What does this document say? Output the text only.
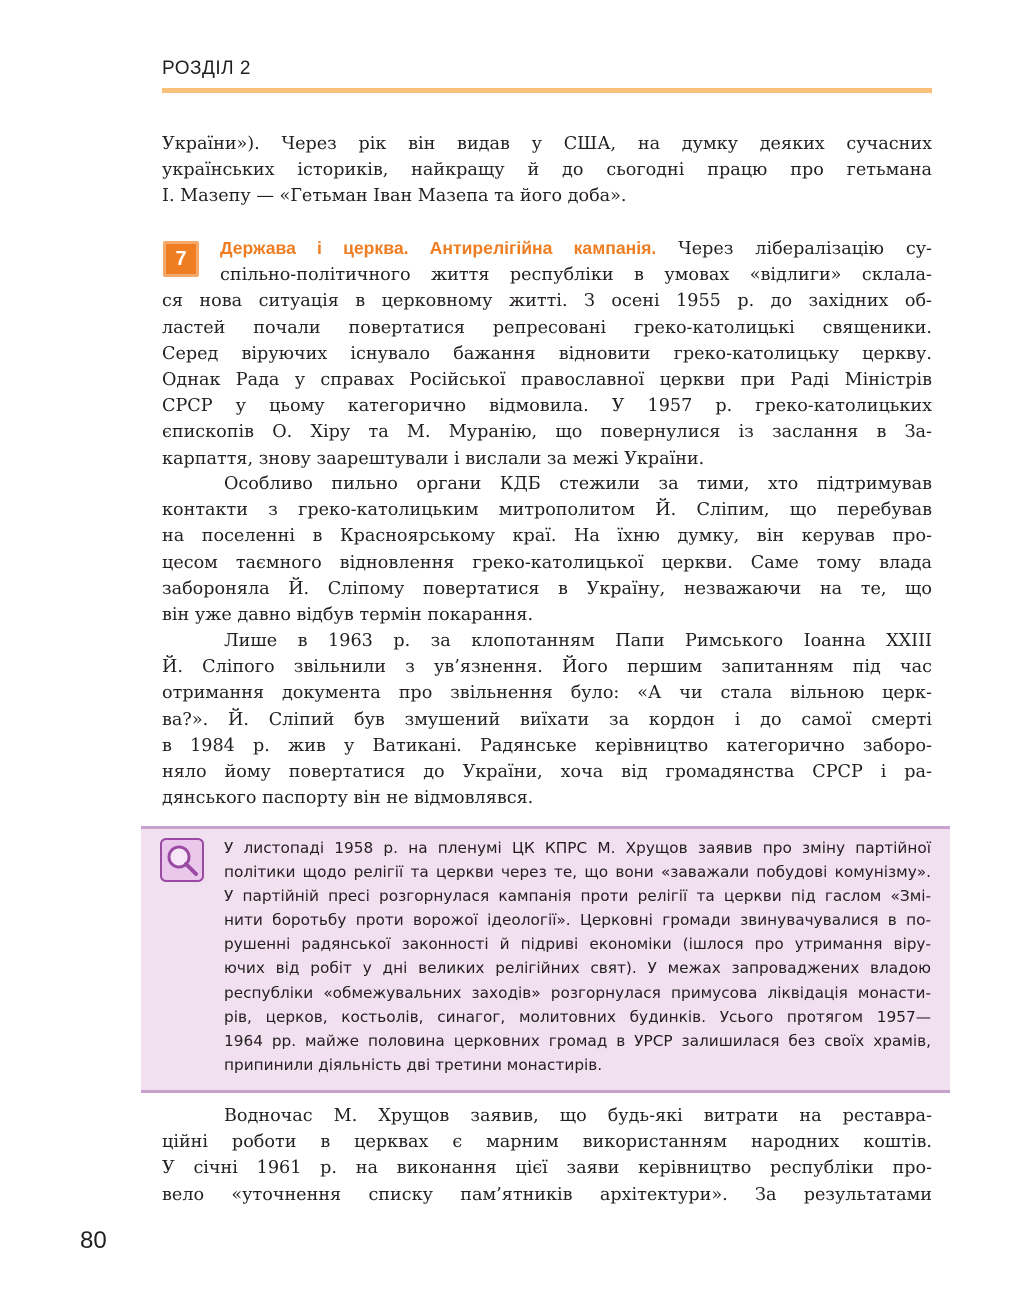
РОЗДІЛ 2
України»). Через рік він видав у США, на думку деяких сучасних
українських істориків, найкращу й до сьогодні працю про гетьмана
І. Мазепу — «Гетьман Іван Мазепа та його доба».
7	Держава і церква. Антирелігійна кампанія. Через лібералізацію су-
спільно-політичного життя республіки в умовах «відлиги» склала-
ся нова ситуація в церковному житті. З осені 1955 р. до західних об-
ластей почали повертатися репресовані греко-католицькі священики.
Серед віруючих існувало бажання відновити греко-католицьку церкву.
Однак Рада у справах Російської православної церкви при Раді Міністрів
СРСР у цьому категорично відмовила. У 1957 р. греко-католицьких
єпископів О. Хіру та М. Муранію, що повернулися із заслання в За-
карпаття, знову заарештували і вислали за межі України.
Особливо пильно органи КДБ стежили за тими, хто підтримував
контакти з греко-католицьким митрополитом Й. Сліпим, що перебував
на поселенні в Красноярському краї. На їхню думку, він керував про-
цесом таємного відновлення греко-католицької церкви. Саме тому влада
забороняла Й. Сліпому повертатися в Україну, незважаючи на те, що
він уже давно відбув термін покарання.
Лише в 1963 р. за клопотанням Папи Римського Іоанна XXIII
Й. Сліпого звільнили з ув’язнення. Його першим запитанням під час
отримання документа про звільнення було: «А чи стала вільною церк-
ва?». Й. Сліпий був змушений виїхати за кордон і до самої смерті
в 1984 р. жив у Ватикані. Радянське керівництво категорично заборо-
няло йому повертатися до України, хоча від громадянства СРСР і ра-
дянського паспорту він не відмовлявся.
У листопаді 1958 р. на пленумі ЦК КПРС М. Хрущов заявив про зміну партійної
політики щодо релігії та церкви через те, що вони «заважали побудові комунізму».
У партійній пресі розгорнулася кампанія проти релігії та церкви під гаслом «Змі-
нити боротьбу проти ворожої ідеології». Церковні громади звинувачувалися в по-
рушенні радянської законності й підриві економіки (ішлося про утримання віру-
ючих від робіт у дні великих релігійних свят). У межах запроваджених владою
республіки «обмежувальних заходів» розгорнулася примусова ліквідація монасти-
рів, церков, костьолів, синагог, молитовних будинків. Усього протягом 1957—
1964 рр. майже половина церковних громад в УРСР залишилася без своїх храмів,
припинили діяльність дві третини монастирів.
Водночас М. Хрущов заявив, що будь-які витрати на реставра-
ційні роботи в церквах є марним використанням народних коштів.
У січні 1961 р. на виконання цієї заяви керівництво республіки про-
вело «уточнення списку пам’ятників архітектури». За результатами
80
